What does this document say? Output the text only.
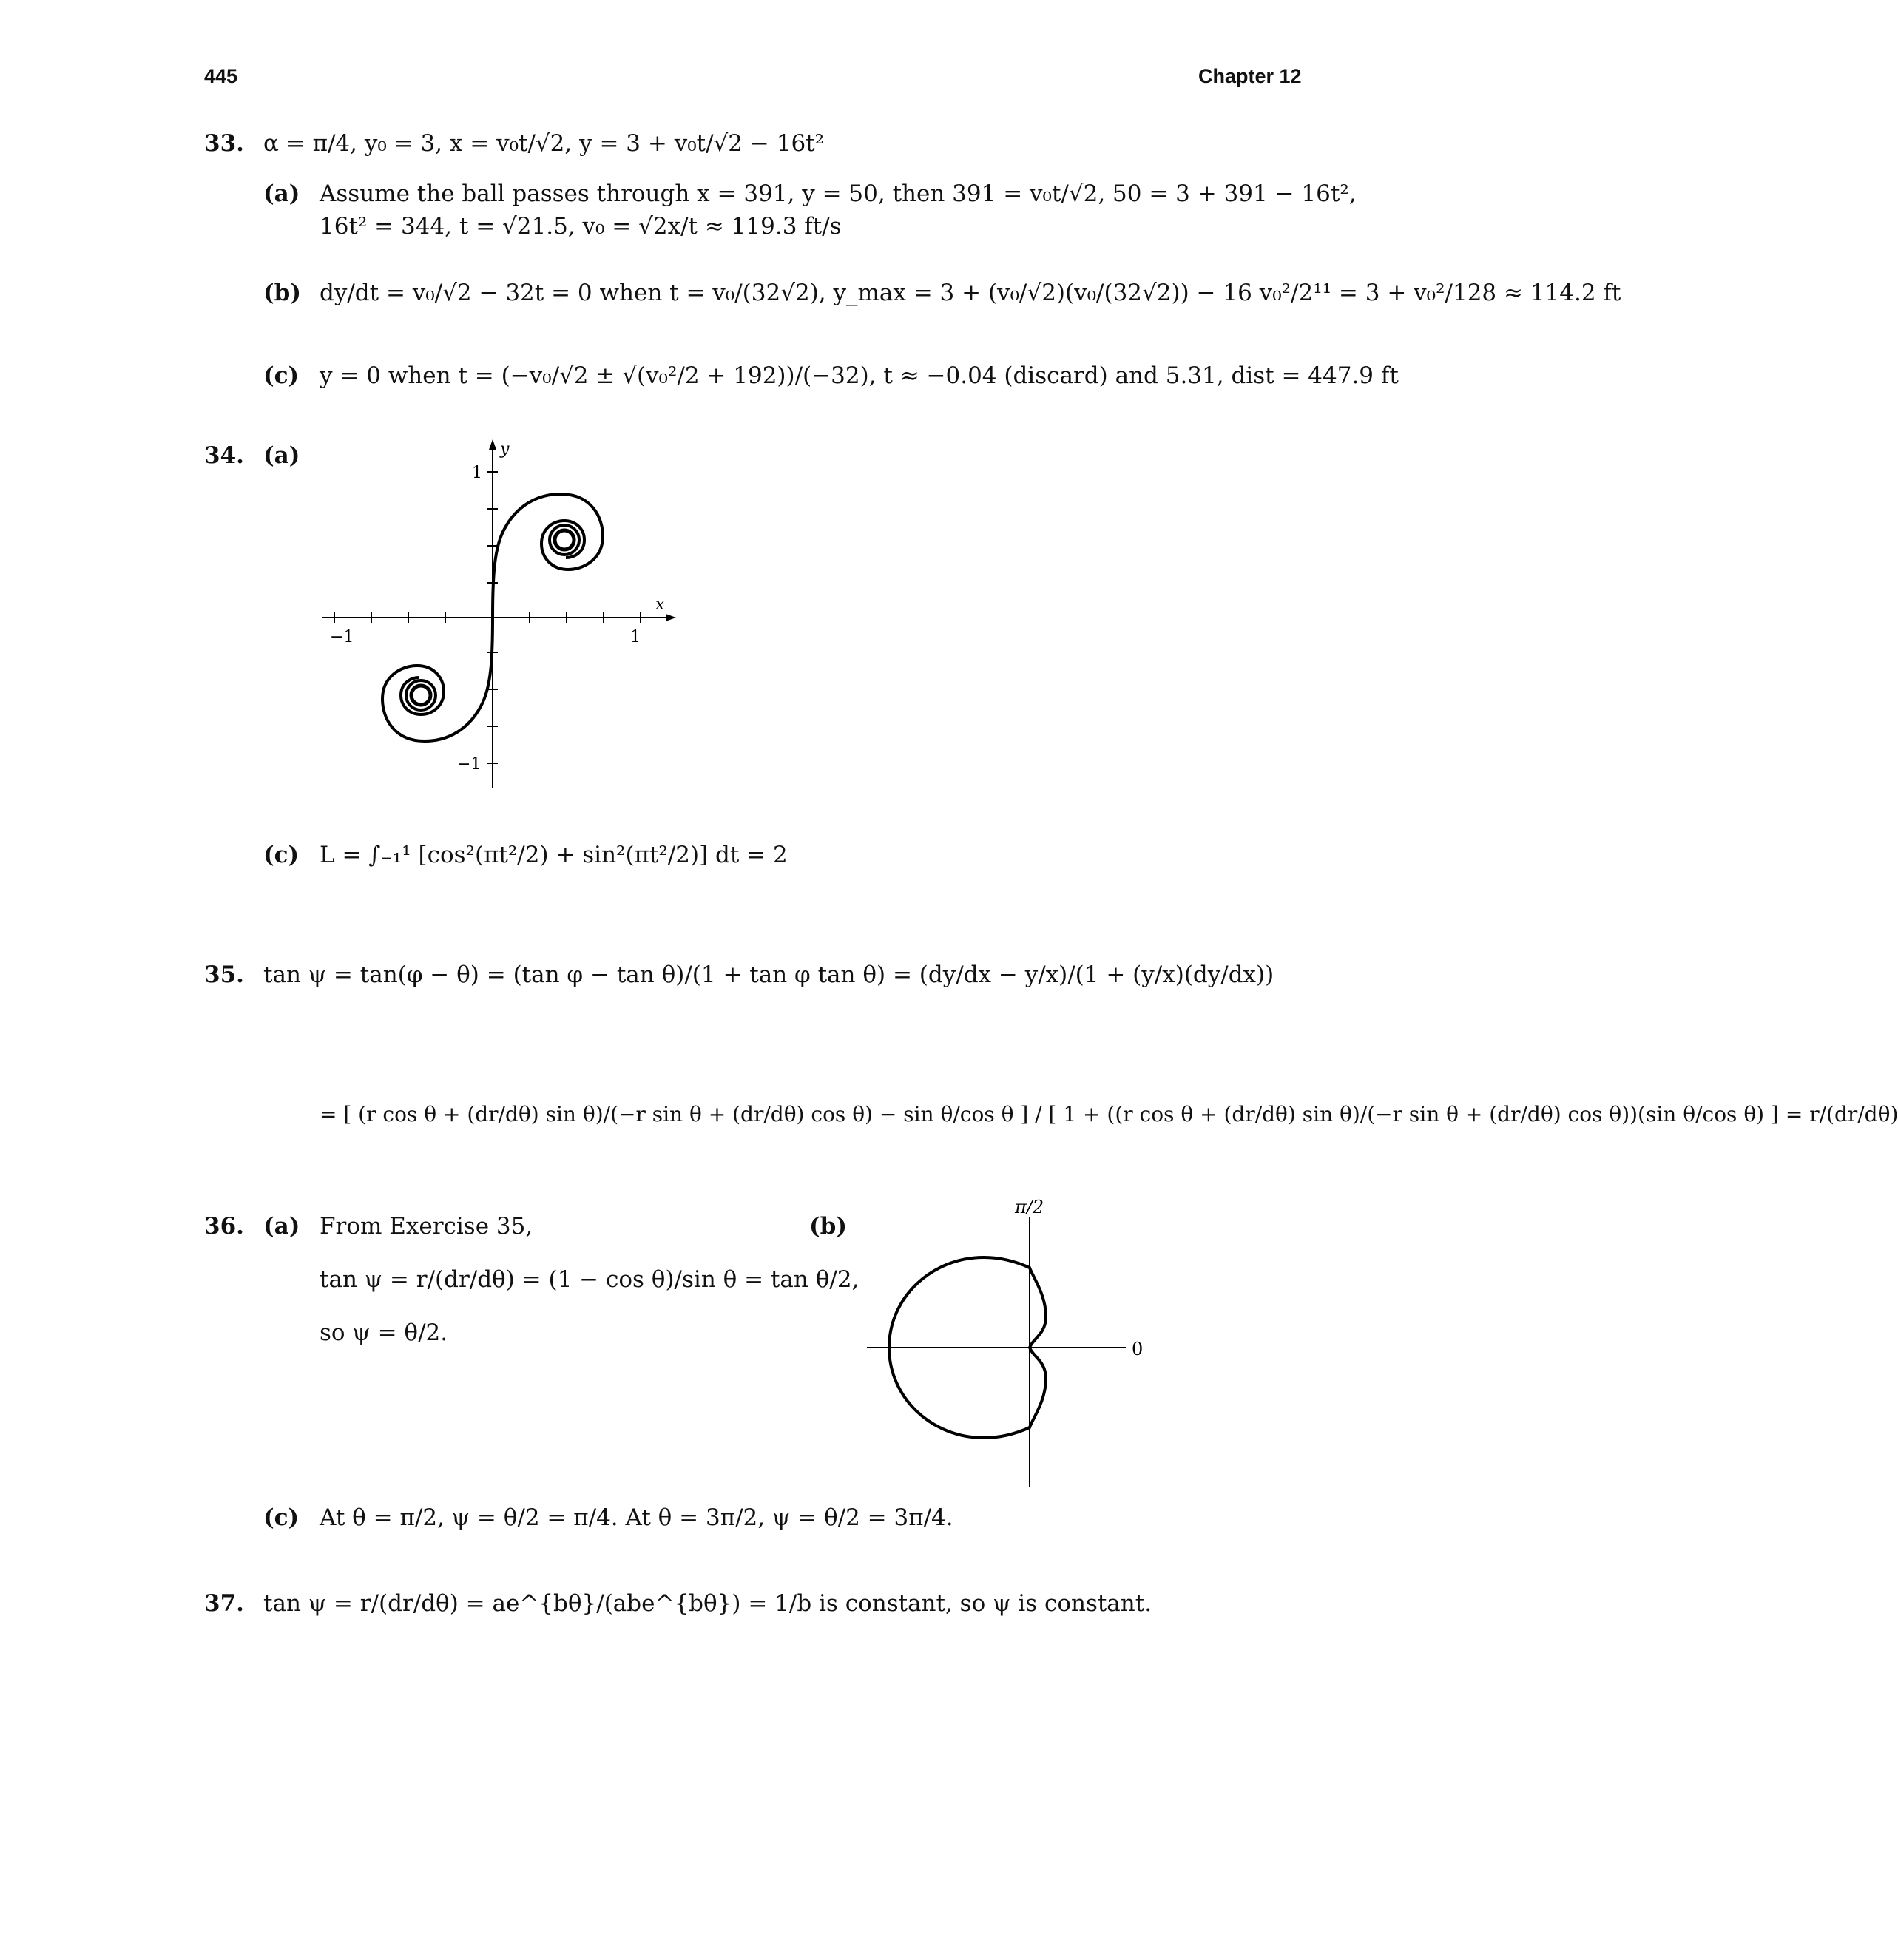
445	Chapter 12
33. α = π/4, y₀ = 3, x = v₀t/√2, y = 3 + v₀t/√2 − 16t²
(a) Assume the ball passes through x = 391, y = 50, then 391 = v₀t/√2, 50 = 3 + 391 − 16t²,
16t² = 344, t = √21.5, v₀ = √2x/t ≈ 119.3 ft/s
(b) dy/dt = v₀/√2 − 32t = 0 when t = v₀/(32√2), y_max = 3 + (v₀/√2)(v₀/(32√2)) − 16 v₀²/2¹¹ = 3 + v₀²/128 ≈ 114.2 ft
(c) y = 0 when t = (−v₀/√2 ± √(v₀²/2 + 192))/(−32), t ≈ −0.04 (discard) and 5.31, dist = 447.9 ft
34. (a)
−1	1
1
−1
x
y
(c) L = ∫₋₁¹ [cos²(πt²/2) + sin²(πt²/2)] dt = 2
35. tan ψ = tan(φ − θ) = (tan φ − tan θ)/(1 + tan φ tan θ) = (dy/dx − y/x)/(1 + (y/x)(dy/dx))
= [ (r cos θ + (dr/dθ) sin θ)/(−r sin θ + (dr/dθ) cos θ) − sin θ/cos θ ] / [ 1 + ((r cos θ + (dr/dθ) sin θ)/(−r sin θ + (dr/dθ) cos θ))(sin θ/cos θ) ] = r/(dr/dθ)
36. (a) From Exercise 35,
tan ψ = r/(dr/dθ) = (1 − cos θ)/sin θ = tan θ/2,
so ψ = θ/2.
(b)
π/2
0
(c) At θ = π/2, ψ = θ/2 = π/4. At θ = 3π/2, ψ = θ/2 = 3π/4.
37. tan ψ = r/(dr/dθ) = ae^{bθ}/(abe^{bθ}) = 1/b is constant, so ψ is constant.
